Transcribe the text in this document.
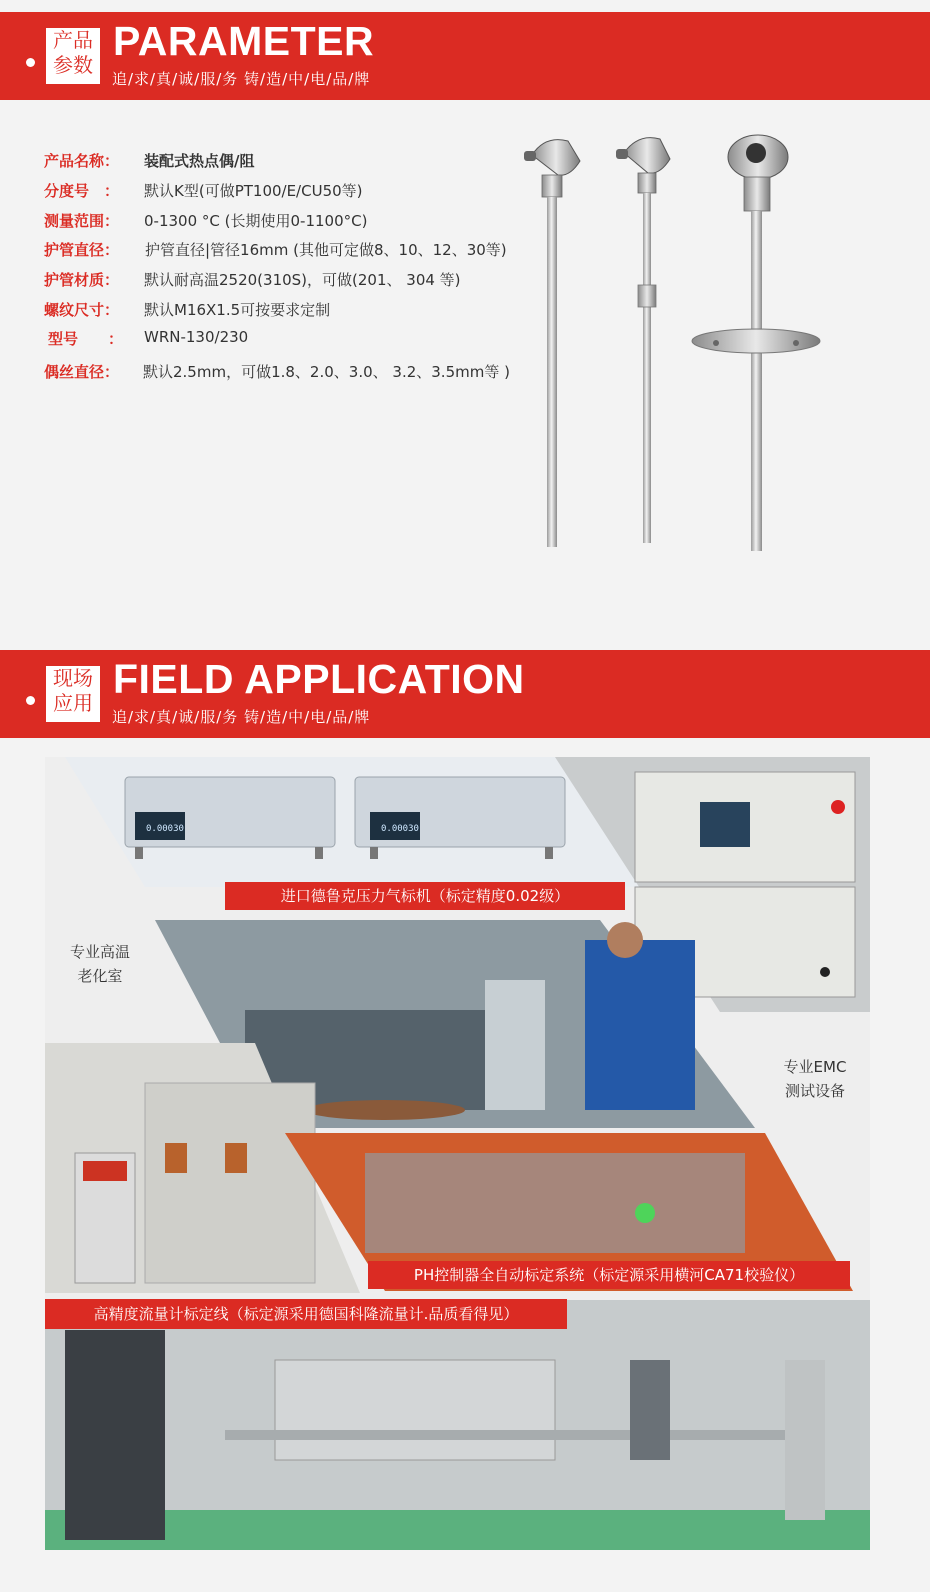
产品
参数
PARAMETER
追/求/真/诚/服/务 铸/造/中/电/品/牌
产品名称： 装配式热点偶/阻
分度号　： 默认K型(可做PT100/E/CU50等)
测量范围： 0-1300 °C (长期使用0-1100°C)
护管直径： 护管直径|管径16mm (其他可定做8、10、12、30等)
护管材质： 默认耐高温2520(310S)，可做(201、 304 等)
螺纹尺寸： 默认M16X1.5可按要求定制
型号　　： WRN-130/230
偶丝直径： 默认2.5mm，可做1.8、2.0、3.0、 3.2、3.5mm等 )
现场
应用
FIELD APPLICATION
追/求/真/诚/服/务 铸/造/中/电/品/牌
0.00030	0.00030
进口德鲁克压力气标机（标定精度0.02级）
PH控制器全自动标定系统（标定源采用横河CA71校验仪）
高精度流量计标定线（标定源采用德国科隆流量计.品质看得见）
专业高温
老化室
专业EMC
测试设备
